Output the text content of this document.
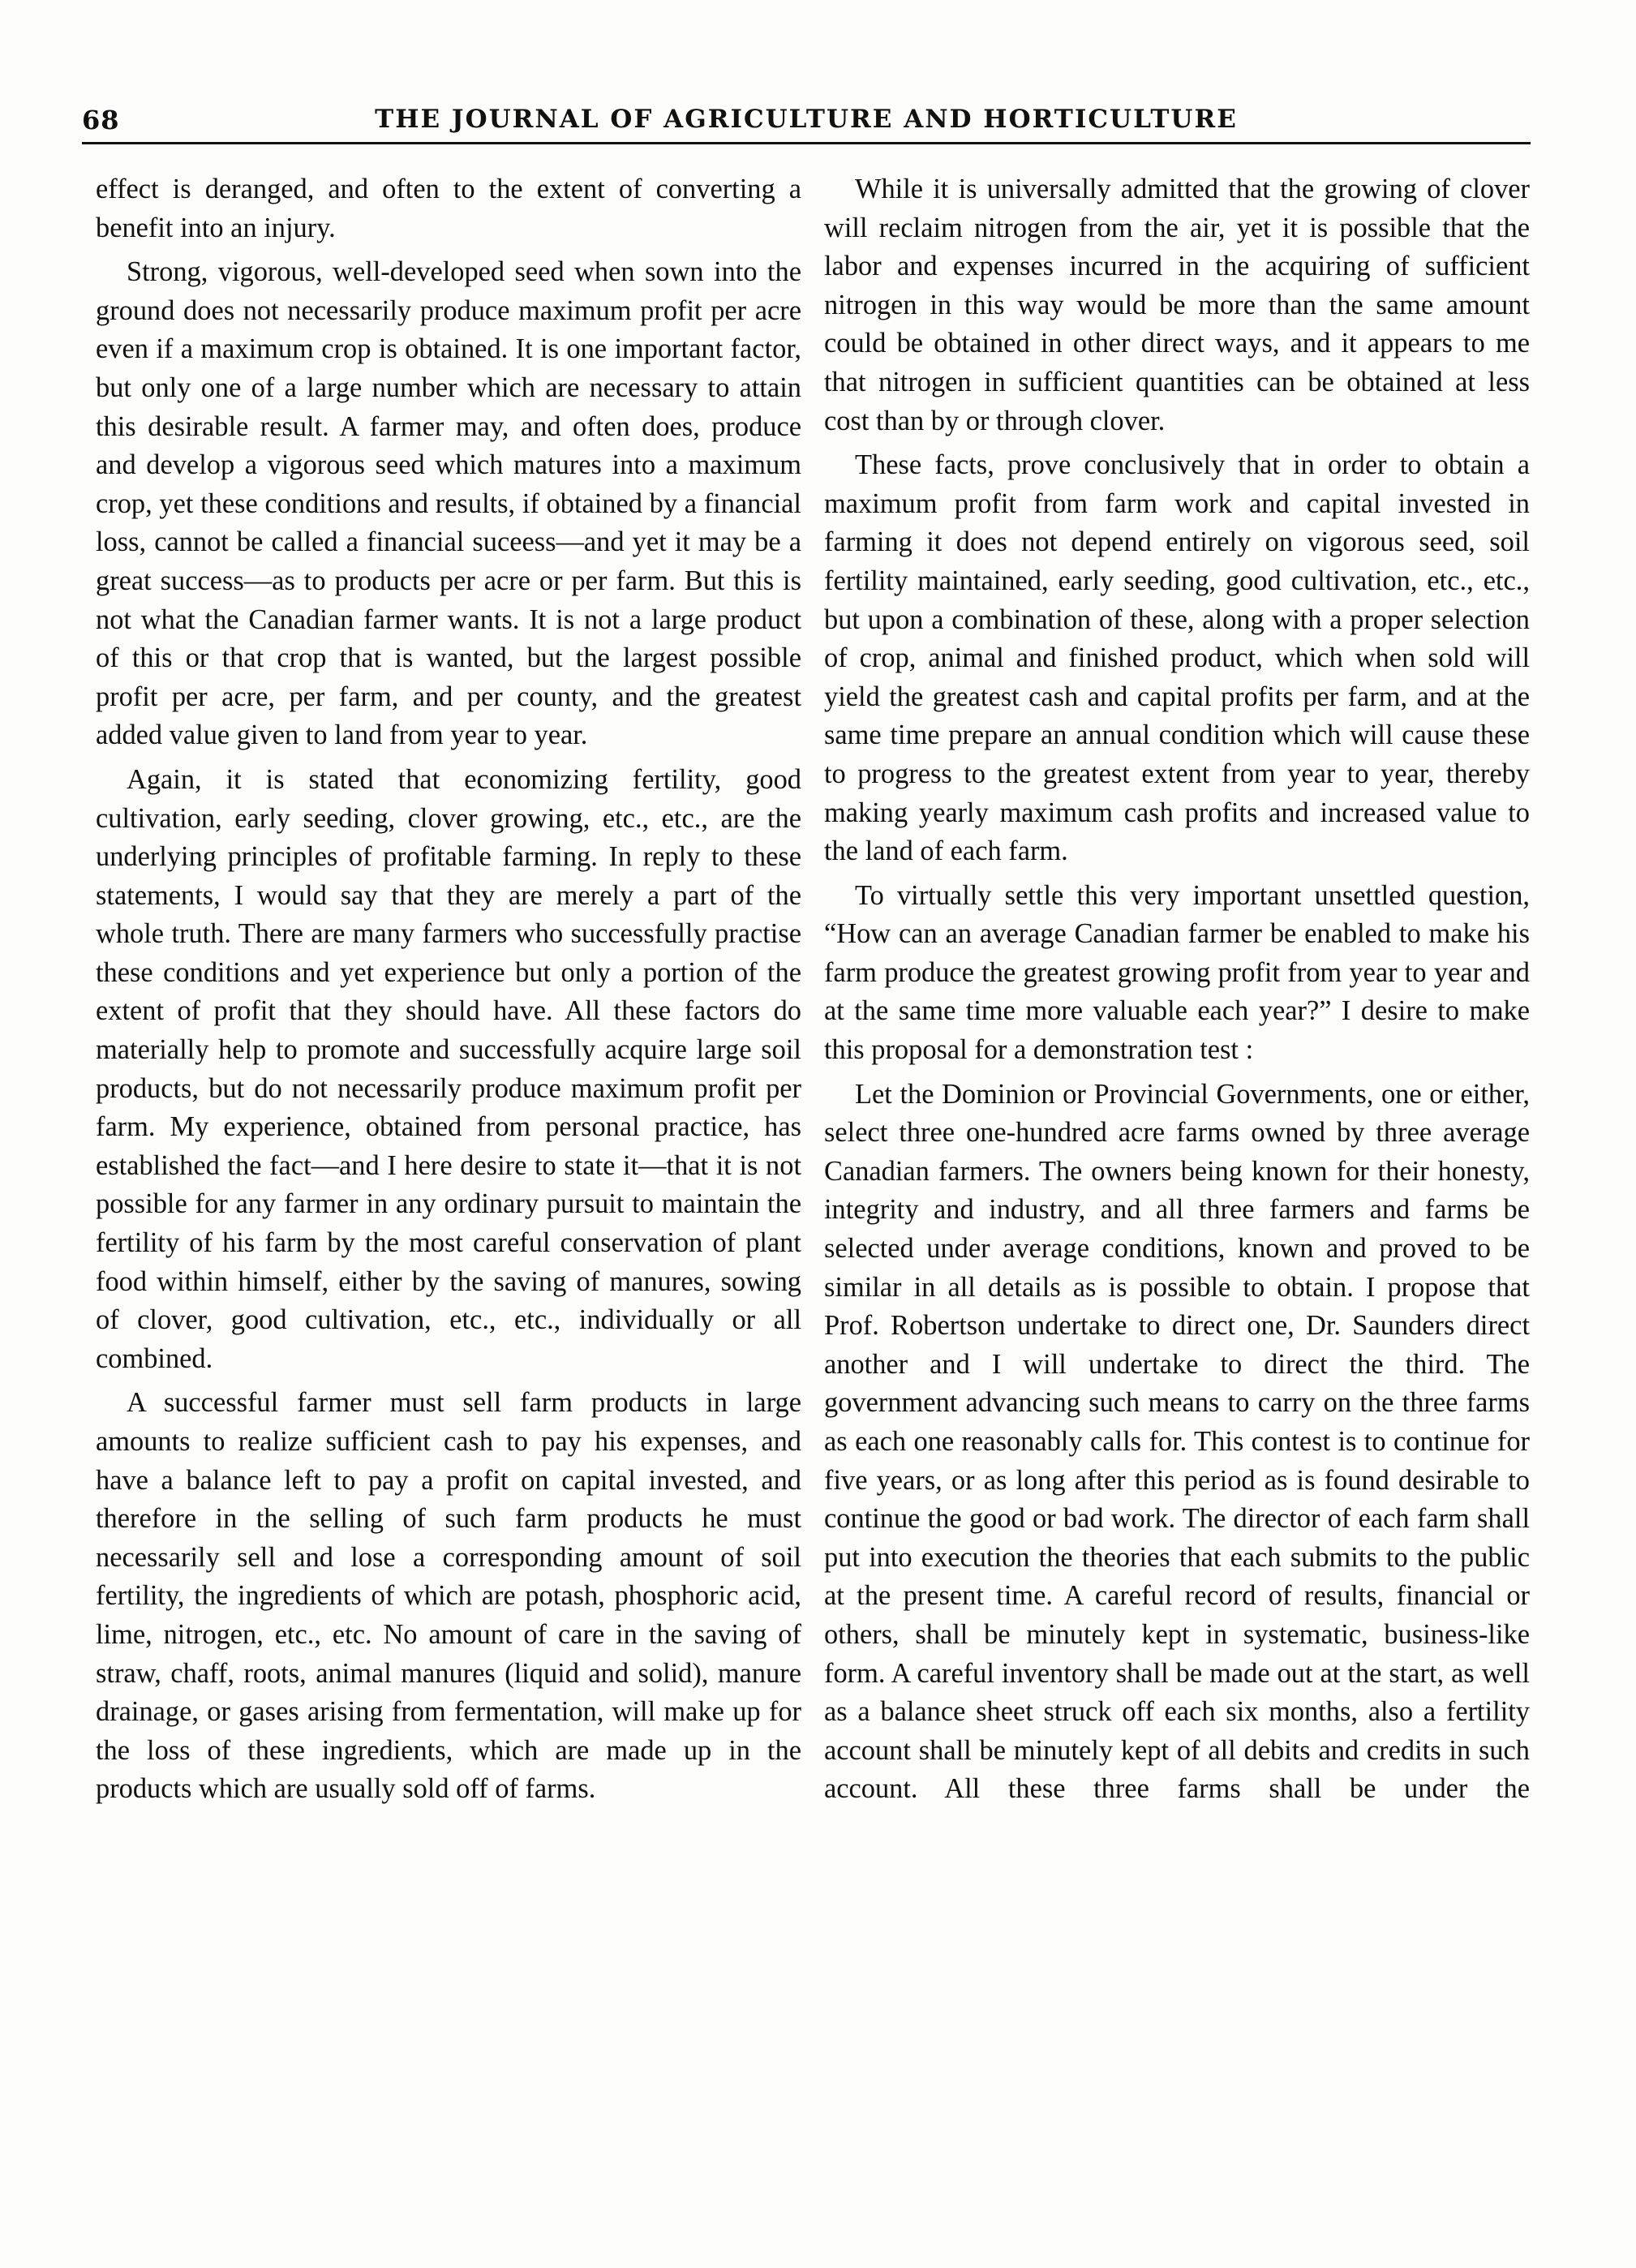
68	THE JOURNAL OF AGRICULTURE AND HORTICULTURE

effect is deranged, and often to the extent of converting a benefit into an injury.

Strong, vigorous, well-developed seed when sown into the ground does not necessarily produce maximum profit per acre even if a maximum crop is obtained. It is one important factor, but only one of a large number which are necessary to attain this desirable result. A farmer may, and often does, produce and develop a vigorous seed which matures into a maximum crop, yet these conditions and results, if obtained by a financial loss, cannot be called a financial suceess—and yet it may be a great success—as to products per acre or per farm. But this is not what the Canadian farmer wants. It is not a large product of this or that crop that is wanted, but the largest possible profit per acre, per farm, and per county, and the greatest added value given to land from year to year.

Again, it is stated that economizing fertility, good cultivation, early seeding, clover growing, etc., etc., are the underlying principles of profitable farming. In reply to these statements, I would say that they are merely a part of the whole truth. There are many farmers who successfully practise these conditions and yet experience but only a portion of the extent of profit that they should have. All these factors do materially help to promote and successfully acquire large soil products, but do not necessarily produce maximum profit per farm. My experience, obtained from personal practice, has established the fact—and I here desire to state it—that it is not possible for any farmer in any ordinary pursuit to maintain the fertility of his farm by the most careful conservation of plant food within himself, either by the saving of manures, sowing of clover, good cultivation, etc., etc., individually or all combined.

A successful farmer must sell farm products in large amounts to realize sufficient cash to pay his expenses, and have a balance left to pay a profit on capital invested, and therefore in the selling of such farm products he must necessarily sell and lose a corresponding amount of soil fertility, the ingredients of which are potash, phosphoric acid, lime, nitrogen, etc., etc. No amount of care in the saving of straw, chaff, roots, animal manures (liquid and solid), manure drainage, or gases arising from fermentation, will make up for the loss of these ingredients, which are made up in the products which are usually sold off of farms.

While it is universally admitted that the growing of clover will reclaim nitrogen from the air, yet it is possible that the labor and expenses incurred in the acquiring of sufficient nitrogen in this way would be more than the same amount could be obtained in other direct ways, and it appears to me that nitrogen in sufficient quantities can be obtained at less cost than by or through clover.

These facts, prove conclusively that in order to obtain a maximum profit from farm work and capital invested in farming it does not depend entirely on vigorous seed, soil fertility maintained, early seeding, good cultivation, etc., etc., but upon a combination of these, along with a proper selection of crop, animal and finished product, which when sold will yield the greatest cash and capital profits per farm, and at the same time prepare an annual condition which will cause these to progress to the greatest extent from year to year, thereby making yearly maximum cash profits and increased value to the land of each farm.

To virtually settle this very important unsettled question, “How can an average Canadian farmer be enabled to make his farm produce the greatest growing profit from year to year and at the same time more valuable each year?” I desire to make this proposal for a demonstration test :

Let the Dominion or Provincial Governments, one or either, select three one-hundred acre farms owned by three average Canadian farmers. The owners being known for their honesty, integrity and industry, and all three farmers and farms be selected under average conditions, known and proved to be similar in all details as is possible to obtain. I propose that Prof. Robertson undertake to direct one, Dr. Saunders direct another and I will undertake to direct the third. The government advancing such means to carry on the three farms as each one reasonably calls for. This contest is to continue for five years, or as long after this period as is found desirable to continue the good or bad work. The director of each farm shall put into execution the theories that each submits to the public at the present time. A careful record of results, financial or others, shall be minutely kept in systematic, business-like form. A careful inventory shall be made out at the start, as well as a balance sheet struck off each six months, also a fertility account shall be minutely kept of all debits and credits in such account. All these three farms shall be under the
